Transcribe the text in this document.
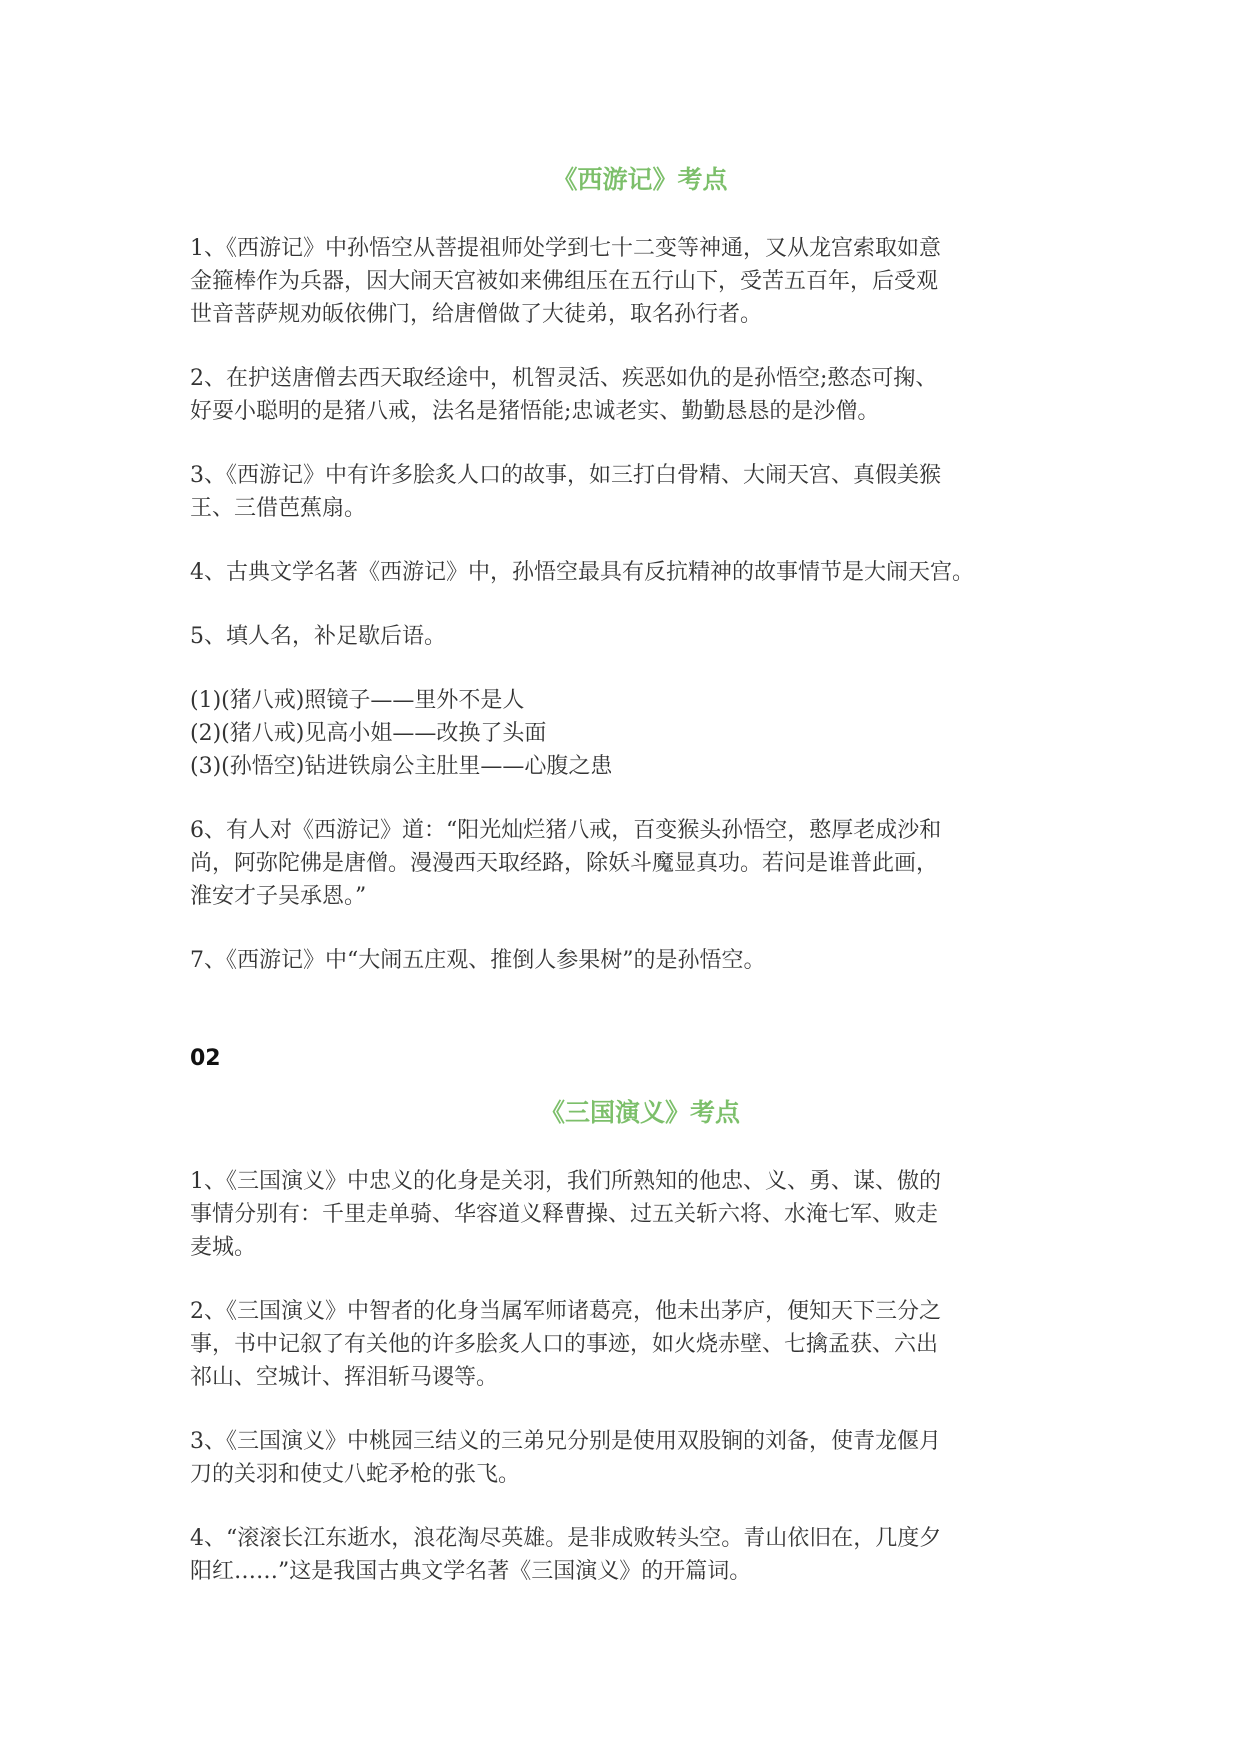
《西游记》考点
1、《西游记》中孙悟空从菩提祖师处学到七十二变等神通，又从龙宫索取如意
金箍棒作为兵器，因大闹天宫被如来佛组压在五行山下，受苦五百年，后受观
世音菩萨规劝皈依佛门，给唐僧做了大徒弟，取名孙行者。
2、在护送唐僧去西天取经途中，机智灵活、疾恶如仇的是孙悟空;憨态可掬、
好耍小聪明的是猪八戒，法名是猪悟能;忠诚老实、勤勤恳恳的是沙僧。
3、《西游记》中有许多脍炙人口的故事，如三打白骨精、大闹天宫、真假美猴
王、三借芭蕉扇。
4、古典文学名著《西游记》中，孙悟空最具有反抗精神的故事情节是大闹天宫。
5、填人名，补足歇后语。
(1)(猪八戒)照镜子——里外不是人
(2)(猪八戒)见高小姐——改换了头面
(3)(孙悟空)钻进铁扇公主肚里——心腹之患
6、有人对《西游记》道：“阳光灿烂猪八戒，百变猴头孙悟空，憨厚老成沙和
尚，阿弥陀佛是唐僧。漫漫西天取经路，除妖斗魔显真功。若问是谁普此画，
淮安才子吴承恩。”
7、《西游记》中“大闹五庄观、推倒人参果树”的是孙悟空。
02
《三国演义》考点
1、《三国演义》中忠义的化身是关羽，我们所熟知的他忠、义、勇、谋、傲的
事情分别有：千里走单骑、华容道义释曹操、过五关斩六将、水淹七军、败走
麦城。
2、《三国演义》中智者的化身当属军师诸葛亮，他未出茅庐，便知天下三分之
事，书中记叙了有关他的许多脍炙人口的事迹，如火烧赤壁、七擒孟获、六出
祁山、空城计、挥泪斩马谡等。
3、《三国演义》中桃园三结义的三弟兄分别是使用双股锏的刘备，使青龙偃月
刀的关羽和使丈八蛇矛枪的张飞。
4、“滚滚长江东逝水，浪花淘尽英雄。是非成败转头空。青山依旧在，几度夕
阳红……”这是我国古典文学名著《三国演义》的开篇词。
